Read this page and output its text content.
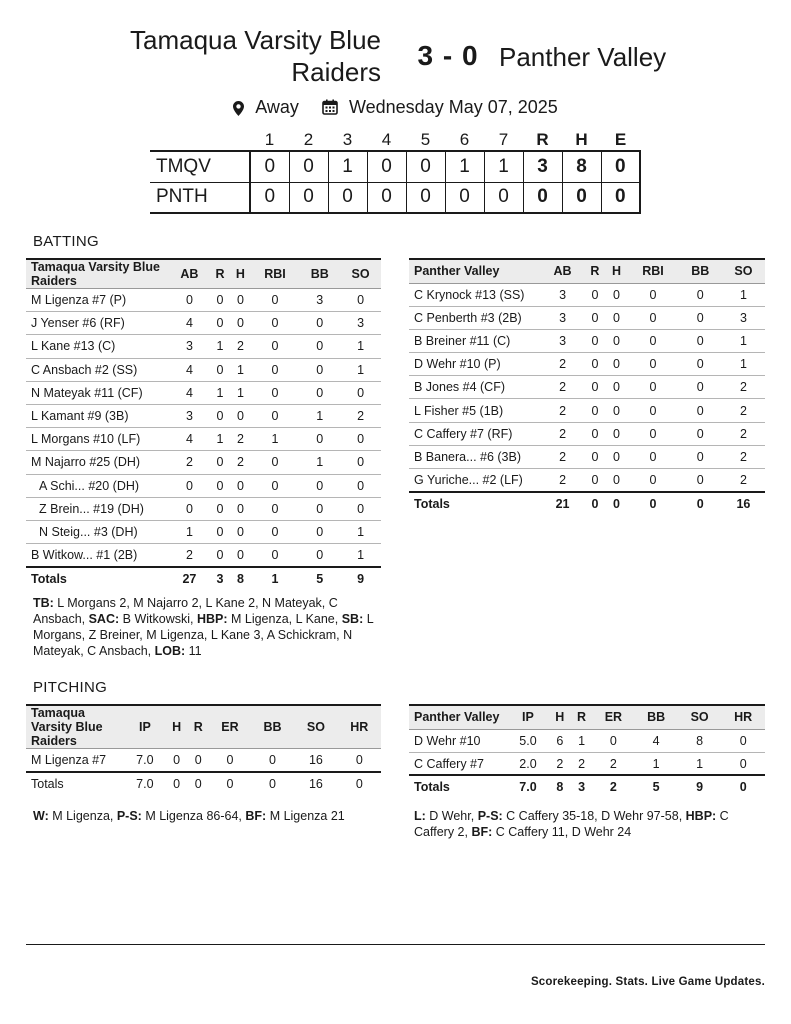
Tamaqua Varsity Blue Raiders
3 - 0 Panther Valley
Away	Wednesday May 07, 2025
	1	2	3	4	5	6	7	R	H	E
TMQV	0	0	1	0	0	1	1	3	8	0
PNTH	0	0	0	0	0	0	0	0	0	0
BATTING
Tamaqua Varsity Blue Raiders	AB	R	H	RBI	BB	SO
M Ligenza #7 (P)	0	0	0	0	3	0
J Yenser #6 (RF)	4	0	0	0	0	3
L Kane #13 (C)	3	1	2	0	0	1
C Ansbach #2 (SS)	4	0	1	0	0	1
N Mateyak #11 (CF)	4	1	1	0	0	0
L Kamant #9 (3B)	3	0	0	0	1	2
L Morgans #10 (LF)	4	1	2	1	0	0
M Najarro #25 (DH)	2	0	2	0	1	0
A Schi... #20 (DH)	0	0	0	0	0	0
Z Brein... #19 (DH)	0	0	0	0	0	0
N Steig... #3 (DH)	1	0	0	0	0	1
B Witkow... #1 (2B)	2	0	0	0	0	1
Totals	27	3	8	1	5	9
Panther Valley	AB	R	H	RBI	BB	SO
C Krynock #13 (SS)	3	0	0	0	0	1
C Penberth #3 (2B)	3	0	0	0	0	3
B Breiner #11 (C)	3	0	0	0	0	1
D Wehr #10 (P)	2	0	0	0	0	1
B Jones #4 (CF)	2	0	0	0	0	2
L Fisher #5 (1B)	2	0	0	0	0	2
C Caffery #7 (RF)	2	0	0	0	0	2
B Banera... #6 (3B)	2	0	0	0	0	2
G Yuriche... #2 (LF)	2	0	0	0	0	2
Totals	21	0	0	0	0	16
TB: L Morgans 2, M Najarro 2, L Kane 2, N Mateyak, C Ansbach, SAC: B Witkowski, HBP: M Ligenza, L Kane, SB: L Morgans, Z Breiner, M Ligenza, L Kane 3, A Schickram, N Mateyak, C Ansbach, LOB: 11
PITCHING
Tamaqua Varsity Blue Raiders	IP	H	R	ER	BB	SO	HR
M Ligenza #7	7.0	0	0	0	0	16	0
Totals	7.0	0	0	0	0	16	0
Panther Valley	IP	H	R	ER	BB	SO	HR
D Wehr #10	5.0	6	1	0	4	8	0
C Caffery #7	2.0	2	2	2	1	1	0
Totals	7.0	8	3	2	5	9	0
W: M Ligenza, P-S: M Ligenza 86-64, BF: M Ligenza 21	L: D Wehr, P-S: C Caffery 35-18, D Wehr 97-58, HBP: C Caffery 2, BF: C Caffery 11, D Wehr 24
Scorekeeping. Stats. Live Game Updates.
